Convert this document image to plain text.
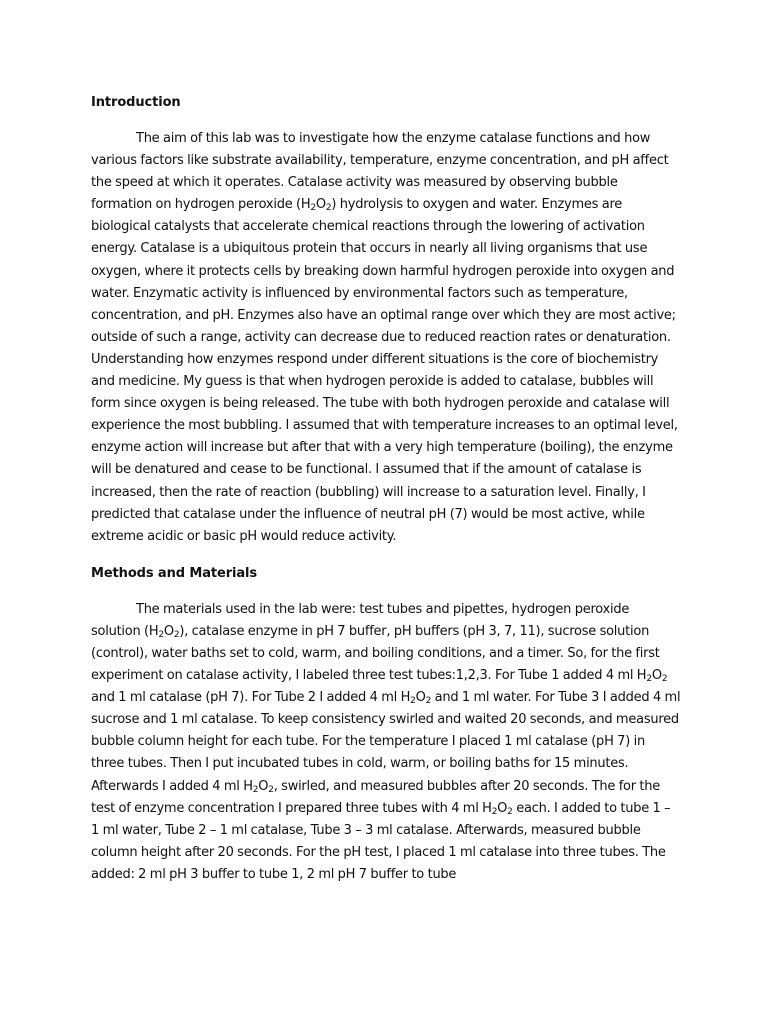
Introduction

The aim of this lab was to investigate how the enzyme catalase functions and how various factors like substrate availability, temperature, enzyme concentration, and pH affect the speed at which it operates. Catalase activity was measured by observing bubble formation on hydrogen peroxide $(H_2O_2)$ hydrolysis to oxygen and water. Enzymes are biological catalysts that accelerate chemical reactions through the lowering of activation energy. Catalase is a ubiquitous protein that occurs in nearly all living organisms that use oxygen, where it protects cells by breaking down harmful hydrogen peroxide into oxygen and water. Enzymatic activity is influenced by environmental factors such as temperature, concentration, and pH. Enzymes also have an optimal range over which they are most active; outside of such a range, activity can decrease due to reduced reaction rates or denaturation. Understanding how enzymes respond under different situations is the core of biochemistry and medicine. My guess is that when hydrogen peroxide is added to catalase, bubbles will form since oxygen is being released. The tube with both hydrogen peroxide and catalase will experience the most bubbling. I assumed that with temperature increases to an optimal level, enzyme action will increase but after that with a very high temperature (boiling), the enzyme will be denatured and cease to be functional. I assumed that if the amount of catalase is increased, then the rate of reaction (bubbling) will increase to a saturation level. Finally, I predicted that catalase under the influence of neutral pH (7) would be most active, while extreme acidic or basic pH would reduce activity.

Methods and Materials

The materials used in the lab were: test tubes and pipettes, hydrogen peroxide solution $(H_2O_2)$, catalase enzyme in pH 7 buffer, pH buffers (pH 3, 7, 11), sucrose solution (control), water baths set to cold, warm, and boiling conditions, and a timer. So, for the first experiment on catalase activity, I labeled three test tubes:1,2,3. For Tube 1 added 4 ml $H_2O_2$ and 1 ml catalase (pH 7). For Tube 2 I added 4 ml $H_2O_2$ and 1 ml water. For Tube 3 I added 4 ml sucrose and 1 ml catalase. To keep consistency swirled and waited 20 seconds, and measured bubble column height for each tube. For the temperature I placed 1 ml catalase (pH 7) in three tubes. Then I put incubated tubes in cold, warm, or boiling baths for 15 minutes. Afterwards I added 4 ml $H_2O_2$, swirled, and measured bubbles after 20 seconds. The for the test of enzyme concentration I prepared three tubes with 4 ml $H_2O_2$ each. I added to tube 1 – 1 ml water, Tube 2 – 1 ml catalase, Tube 3 – 3 ml catalase. Afterwards, measured bubble column height after 20 seconds. For the pH test, I placed 1 ml catalase into three tubes. The added: 2 ml pH 3 buffer to tube 1, 2 ml pH 7 buffer to tube
